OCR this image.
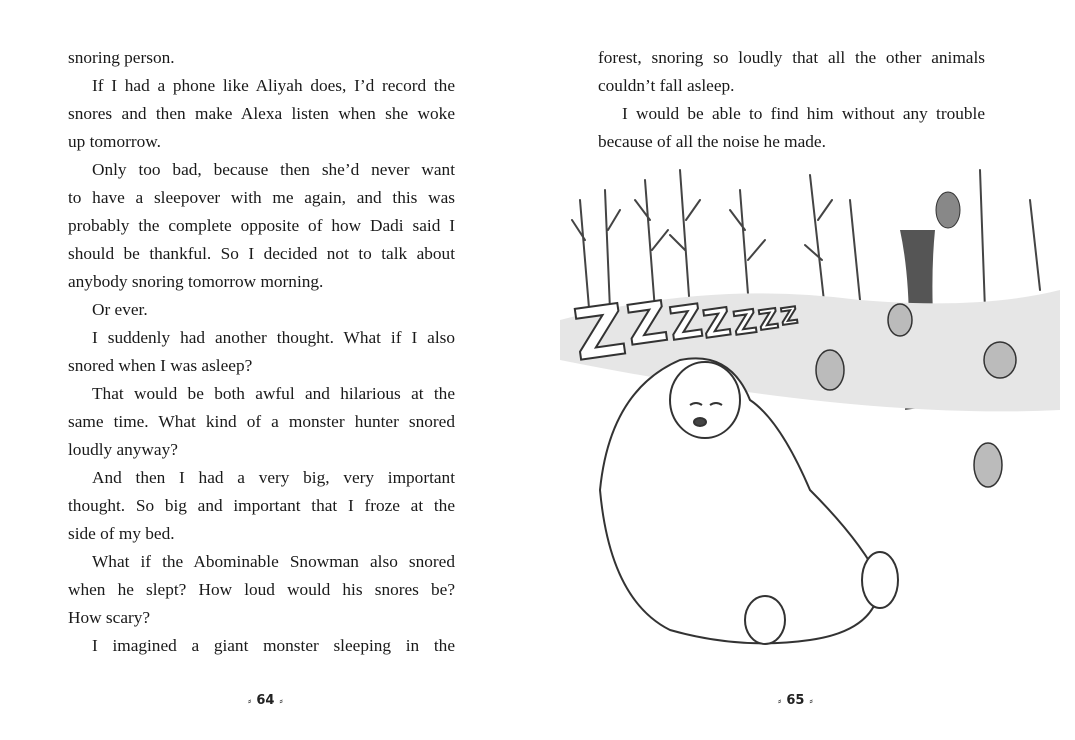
snoring person.
If I had a phone like Aliyah does, I’d record the
snores and then make Alexa listen when she woke
up tomorrow.
Only too bad, because then she’d never want
to have a sleepover with me again, and this was
probably the complete opposite of how Dadi said I
should be thankful. So I decided not to talk about
anybody snoring tomorrow morning.
Or ever.
I suddenly had another thought. What if I also
snored when I was asleep?
That would be both awful and hilarious at the
same time. What kind of a monster hunter snored
loudly anyway?
And then I had a very big, very important
thought. So big and important that I froze at the
side of my bed.
What if the Abominable Snowman also snored
when he slept? How loud would his snores be?
How scary?
I imagined a giant monster sleeping in the
forest, snoring so loudly that all the other animals
couldn’t fall asleep.
I would be able to find him without any trouble
because of all the noise he made.
Z
Z
Z
Z
Z
Z
Z
⸗ 64 ⸗	⸗ 65 ⸗
